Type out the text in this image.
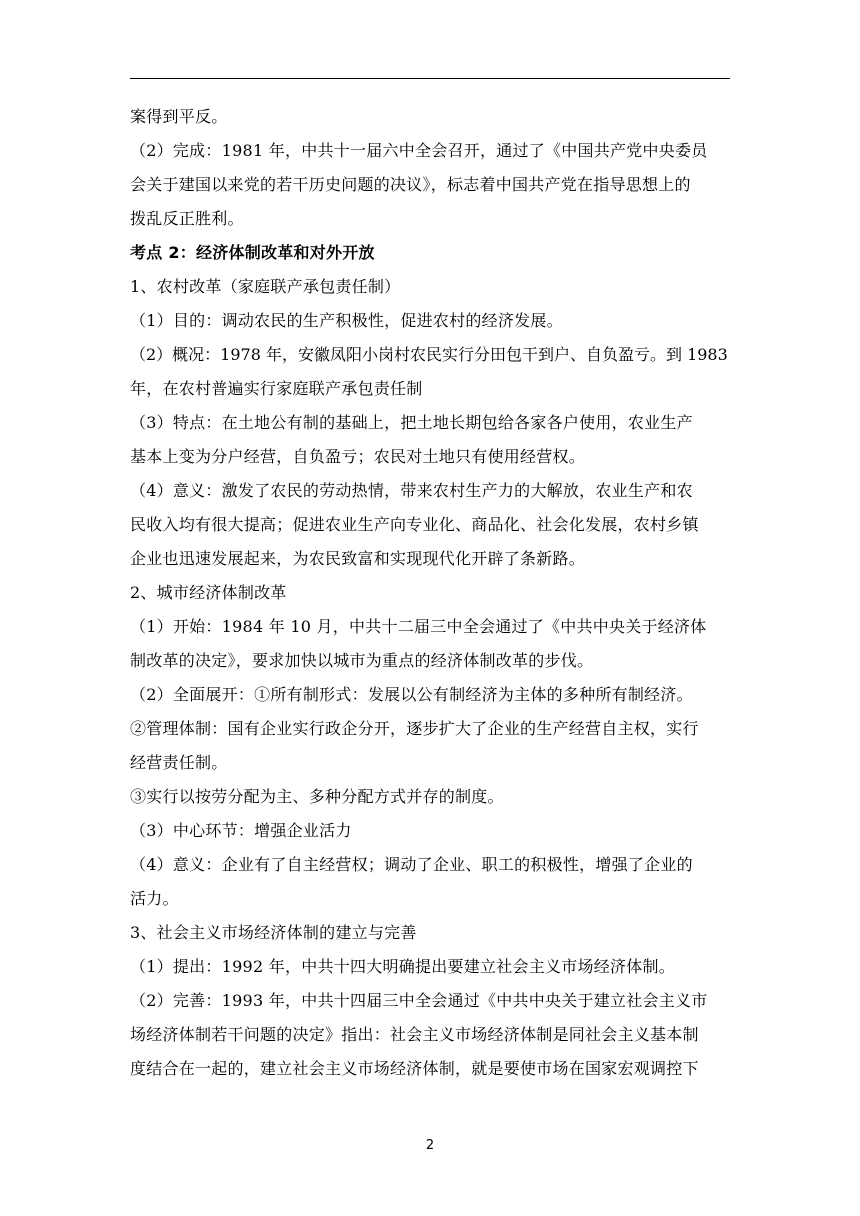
案得到平反。
（2）完成：1981 年，中共十一届六中全会召开，通过了《中国共产党中央委员
会关于建国以来党的若干历史问题的决议》，标志着中国共产党在指导思想上的
拨乱反正胜利。
考点 2：经济体制改革和对外开放
1、农村改革（家庭联产承包责任制）
（1）目的：调动农民的生产积极性，促进农村的经济发展。
（2）概况：1978 年，安徽凤阳小岗村农民实行分田包干到户、自负盈亏。到 1983
年，在农村普遍实行家庭联产承包责任制
（3）特点：在土地公有制的基础上，把土地长期包给各家各户使用，农业生产
基本上变为分户经营，自负盈亏；农民对土地只有使用经营权。
（4）意义：激发了农民的劳动热情，带来农村生产力的大解放，农业生产和农
民收入均有很大提高；促进农业生产向专业化、商品化、社会化发展，农村乡镇
企业也迅速发展起来，为农民致富和实现现代化开辟了条新路。
2、城市经济体制改革
（1）开始：1984 年 10 月，中共十二届三中全会通过了《中共中央关于经济体
制改革的决定》，要求加快以城市为重点的经济体制改革的步伐。
（2）全面展开：①所有制形式：发展以公有制经济为主体的多种所有制经济。
②管理体制：国有企业实行政企分开，逐步扩大了企业的生产经营自主权，实行
经营责任制。
③实行以按劳分配为主、多种分配方式并存的制度。
（3）中心环节：增强企业活力
（4）意义：企业有了自主经营权；调动了企业、职工的积极性，增强了企业的
活力。
3、社会主义市场经济体制的建立与完善
（1）提出：1992 年，中共十四大明确提出要建立社会主义市场经济体制。
（2）完善：1993 年，中共十四届三中全会通过《中共中央关于建立社会主义市
场经济体制若干问题的决定》指出：社会主义市场经济体制是同社会主义基本制
度结合在一起的，建立社会主义市场经济体制，就是要使市场在国家宏观调控下
2
